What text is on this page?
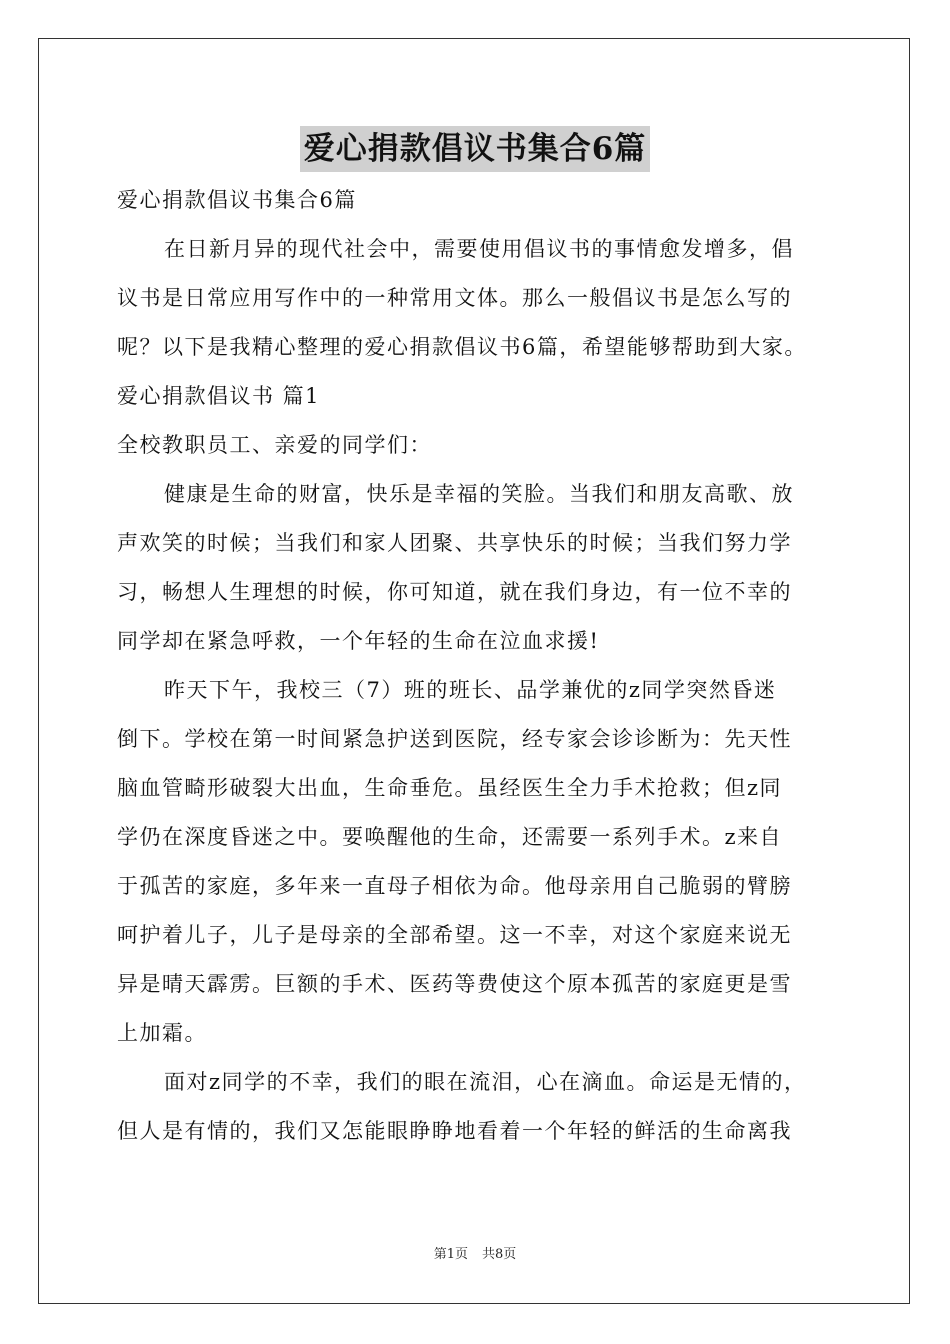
爱心捐款倡议书集合6篇
爱心捐款倡议书集合6篇
在日新月异的现代社会中，需要使用倡议书的事情愈发增多，倡
议书是日常应用写作中的一种常用文体。那么一般倡议书是怎么写的
呢？以下是我精心整理的爱心捐款倡议书6篇，希望能够帮助到大家。
爱心捐款倡议书 篇1
全校教职员工、亲爱的同学们：
健康是生命的财富，快乐是幸福的笑脸。当我们和朋友高歌、放
声欢笑的时候；当我们和家人团聚、共享快乐的时候；当我们努力学
习，畅想人生理想的时候，你可知道，就在我们身边，有一位不幸的
同学却在紧急呼救，一个年轻的生命在泣血求援!
昨天下午，我校三（7）班的班长、品学兼优的z同学突然昏迷
倒下。学校在第一时间紧急护送到医院，经专家会诊诊断为：先天性
脑血管畸形破裂大出血，生命垂危。虽经医生全力手术抢救；但z同
学仍在深度昏迷之中。要唤醒他的生命，还需要一系列手术。z来自
于孤苦的家庭，多年来一直母子相依为命。他母亲用自己脆弱的臂膀
呵护着儿子，儿子是母亲的全部希望。这一不幸，对这个家庭来说无
异是晴天霹雳。巨额的手术、医药等费使这个原本孤苦的家庭更是雪
上加霜。
面对z同学的不幸，我们的眼在流泪，心在滴血。命运是无情的，
但人是有情的，我们又怎能眼睁睁地看着一个年轻的鲜活的生命离我
第1页 共8页
